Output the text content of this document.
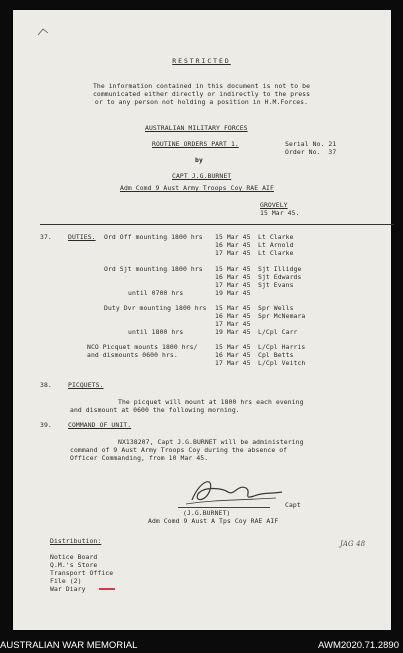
RESTRICTED
The information contained in this document is not to be
communicated either directly or indirectly to the press
or to any person not holding a position in H.M.Forces.
AUSTRALIAN MILITARY FORCES
ROUTINE ORDERS PART 1.	Serial No. 21
Order No.  37
by
CAPT J.G.BURNET
Adm Comd 9 Aust Army Troops Coy RAE AIF
GROVELY
15 Mar 45.
37.	DUTIES. Ord Off mounting 1800 hrs 15 Mar 45 Lt Clarke
16 Mar 45 Lt Arnold
17 Mar 45 Lt Clarke
Ord Sjt mounting 1800 hrs 15 Mar 45 Sjt Illidge
16 Mar 45 Sjt Edwards
17 Mar 45 Sjt Evans
until 0700 hrs	19 Mar 45
Duty Dvr mounting 1800 hrs 15 Mar 45 Spr Wells
16 Mar 45 Spr McNemara
17 Mar 45
until 1800 hrs	19 Mar 45 L/Cpl Carr
NCO Picquet mounts 1800 hrs/	15 Mar 45 L/Cpl Harris
and dismounts 0600 hrs.	16 Mar 45 Cpl Betts
17 Mar 45 L/Cpl Veitch
38.	PICQUETS.
The picquet will mount at 1800 hrs each evening
and dismount at 0600 the following morning.
39.	COMMAND OF UNIT.
NX138207, Capt J.G.BURNET will be administering
command of 9 Aust Army Troops Coy during the absence of
Officer Commanding, from 10 Mar 45.
Capt
(J.G.BURNET)
Adm Comd 9 Aust A Tps Coy RAE AIF
Distribution:
Notice Board
Q.M.'s Store
Transport Office
File (2)
War Diary
JAG 48
AUSTRALIAN WAR MEMORIAL	AWM2020.71.2890
